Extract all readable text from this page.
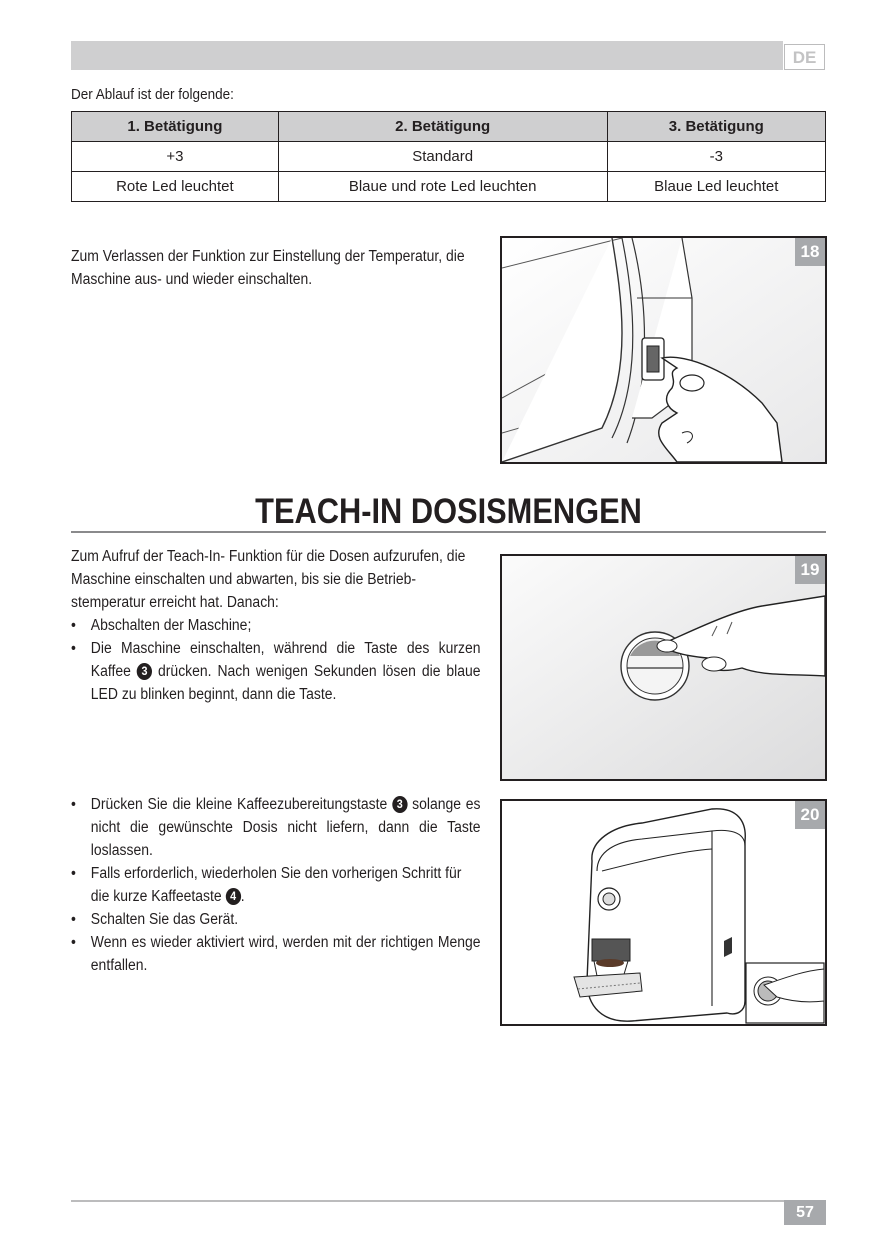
DE
Der Ablauf ist der folgende:
1. Betätigung	2. Betätigung	3. Betätigung
+3	Standard	-3
Rote Led leuchtet	Blaue und rote Led leuchten	Blaue Led leuchtet
Zum Verlassen der Funktion zur Einstellung der Temperatur, die Maschine aus- und wieder einschalten.
18
TEACH-IN DOSISMENGEN
Zum Aufruf der Teach-In- Funktion für die Dosen aufzurufen, die Maschine einschalten und abwarten, bis sie die Betrieb- stemperatur erreicht hat. Danach:
• Abschalten der Maschine;
• Die Maschine einschalten, während die Taste des kurzen Kaffee 3 drücken. Nach wenigen Sekunden lösen die blaue LED zu blinken beginnt, dann die Taste.
19
• Drücken Sie die kleine Kaffeezubereitungstaste 3 solange es nicht die gewünschte Dosis nicht liefern, dann die Taste loslassen.
• Falls erforderlich, wiederholen Sie den vorherigen Schritt für die kurze Kaffeetaste 4 .
• Schalten Sie das Gerät.
• Wenn es wieder aktiviert wird, werden mit der richtigen Menge entfallen.
20
57
